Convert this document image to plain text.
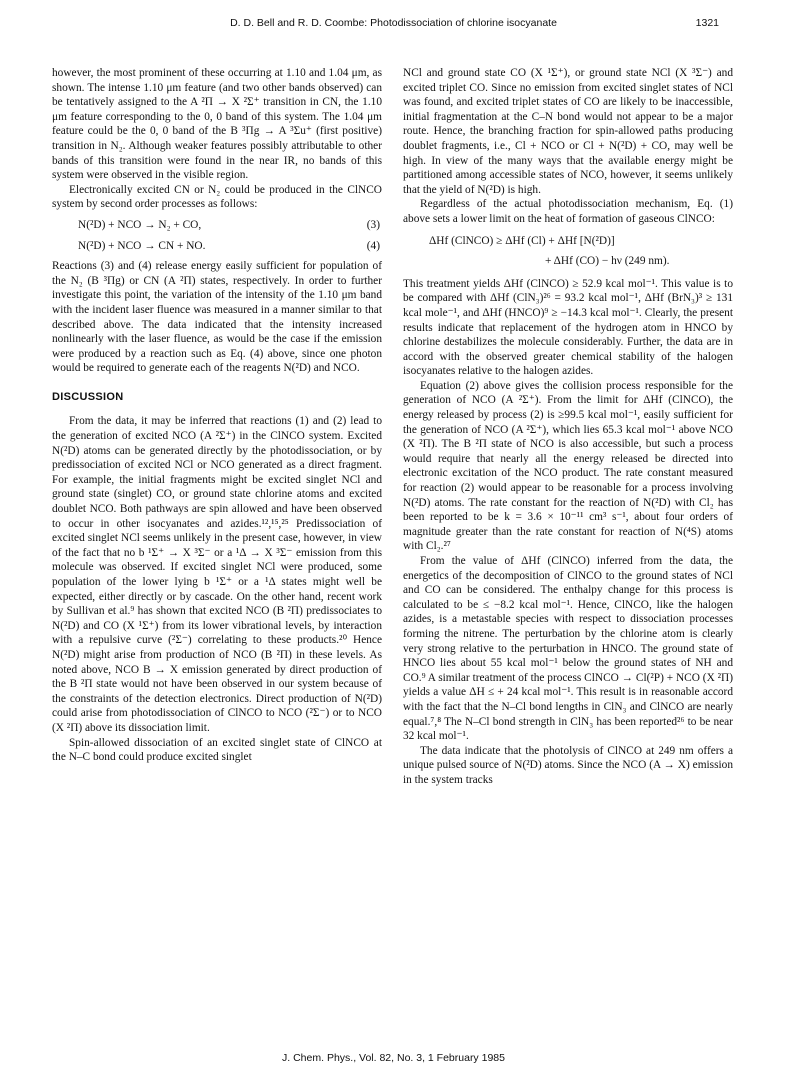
D. D. Bell and R. D. Coombe: Photodissociation of chlorine isocyanate	1321

however, the most prominent of these occurring at 1.10 and 1.04 μm, as shown. The intense 1.10 μm feature (and two other bands observed) can be tentatively assigned to the A ²Π → X ²Σ⁺ transition in CN, the 1.10 μm feature corresponding to the 0, 0 band of this system. The 1.04 μm feature could be the 0, 0 band of the B ³Πg → A ³Σu⁺ (first positive) transition in N₂. Although weaker features possibly attributable to other bands of this transition were found in the near IR, no bands of this system were observed in the visible region.

Electronically excited CN or N₂ could be produced in the ClNCO system by second order processes as follows:

N(²D) + NCO → N₂ + CO,	(3)
N(²D) + NCO → CN + NO.	(4)

Reactions (3) and (4) release energy easily sufficient for population of the N₂ (B ³Πg) or CN (A ²Π) states, respectively. In order to further investigate this point, the variation of the intensity of the 1.10 μm band with the incident laser fluence was measured in a manner similar to that described above. The data indicated that the intensity increased nonlinearly with the laser fluence, as would be the case if the emission were produced by a reaction such as Eq. (4) above, since one photon would be required to generate each of the reagents N(²D) and NCO.

DISCUSSION

From the data, it may be inferred that reactions (1) and (2) lead to the generation of excited NCO (A ²Σ⁺) in the ClNCO system. Excited N(²D) atoms can be generated directly by the photodissociation, or by predissociation of excited NCl or NCO generated as a direct fragment. For example, the initial fragments might be excited singlet NCl and ground state (singlet) CO, or ground state chlorine atoms and excited doublet NCO. Both pathways are spin allowed and have been observed to occur in other isocyanates and azides.¹²,¹⁵,²⁵ Predissociation of excited singlet NCl seems unlikely in the present case, however, in view of the fact that no b ¹Σ⁺ → X ³Σ⁻ or a ¹Δ → X ³Σ⁻ emission from this molecule was observed. If excited singlet NCl were produced, some population of the lower lying b ¹Σ⁺ or a ¹Δ states might well be expected, either directly or by cascade. On the other hand, recent work by Sullivan et al.⁹ has shown that excited NCO (B ²Π) predissociates to N(²D) and CO (X ¹Σ⁺) from its lower vibrational levels, by interaction with a repulsive curve (²Σ⁻) correlating to these products.²⁰ Hence N(²D) might arise from production of NCO (B ²Π) in these levels. As noted above, NCO B → X emission generated by direct production of the B ²Π state would not have been observed in our system because of the constraints of the detection electronics. Direct production of N(²D) could arise from photodissociation of ClNCO to NCO (²Σ⁻) or to NCO (X ²Π) above its dissociation limit.

Spin-allowed dissociation of an excited singlet state of ClNCO at the N–C bond could produce excited singlet

NCl and ground state CO (X ¹Σ⁺), or ground state NCl (X ³Σ⁻) and excited triplet CO. Since no emission from excited singlet states of NCl was found, and excited triplet states of CO are likely to be inaccessible, initial fragmentation at the C–N bond would not appear to be a major route. Hence, the branching fraction for spin-allowed paths producing doublet fragments, i.e., Cl + NCO or Cl + N(²D) + CO, may well be high. In view of the many ways that the available energy might be partitioned among accessible states of NCO, however, it seems unlikely that the yield of N(²D) is high.

Regardless of the actual photodissociation mechanism, Eq. (1) above sets a lower limit on the heat of formation of gaseous ClNCO:

ΔHf (ClNCO) ≥ ΔHf (Cl) + ΔHf [N(²D)]
+ ΔHf (CO) − hν (249 nm).

This treatment yields ΔHf (ClNCO) ≥ 52.9 kcal mol⁻¹. This value is to be compared with ΔHf (ClN₃)²⁶ = 93.2 kcal mol⁻¹, ΔHf (BrN₃)³ ≥ 131 kcal mole⁻¹, and ΔHf (HNCO)⁹ ≥ −14.3 kcal mol⁻¹. Clearly, the present results indicate that replacement of the hydrogen atom in HNCO by chlorine destabilizes the molecule considerably. Further, the data are in accord with the observed greater chemical stability of the halogen isocyanates relative to the halogen azides.

Equation (2) above gives the collision process responsible for the generation of NCO (A ²Σ⁺). From the limit for ΔHf (ClNCO), the energy released by process (2) is ≥99.5 kcal mol⁻¹, easily sufficient for the generation of NCO (A ²Σ⁺), which lies 65.3 kcal mol⁻¹ above NCO (X ²Π). The B ²Π state of NCO is also accessible, but such a process would require that nearly all the energy released be directed into electronic excitation of the NCO product. The rate constant measured for reaction (2) would appear to be reasonable for a process involving N(²D) atoms. The rate constant for the reaction of N(²D) with Cl₂ has been reported to be k = 3.6 × 10⁻¹¹ cm³ s⁻¹, about four orders of magnitude greater than the rate constant for reaction of N(⁴S) atoms with Cl₂.²⁷

From the value of ΔHf (ClNCO) inferred from the data, the energetics of the decomposition of ClNCO to the ground states of NCl and CO can be considered. The enthalpy change for this process is calculated to be ≤ −8.2 kcal mol⁻¹. Hence, ClNCO, like the halogen azides, is a metastable species with respect to dissociation processes forming the nitrene. The perturbation by the chlorine atom is clearly very strong relative to the perturbation in HNCO. The ground state of HNCO lies about 55 kcal mol⁻¹ below the ground states of NH and CO.⁹ A similar treatment of the process ClNCO → Cl(²P) + NCO (X ²Π) yields a value ΔH ≤ + 24 kcal mol⁻¹. This result is in reasonable accord with the fact that the N–Cl bond lengths in ClN₃ and ClNCO are nearly equal.⁷,⁸ The N–Cl bond strength in ClN₃ has been reported²⁶ to be near 32 kcal mol⁻¹.

The data indicate that the photolysis of ClNCO at 249 nm offers a unique pulsed source of N(²D) atoms. Since the NCO (A → X) emission in the system tracks

J. Chem. Phys., Vol. 82, No. 3, 1 February 1985
